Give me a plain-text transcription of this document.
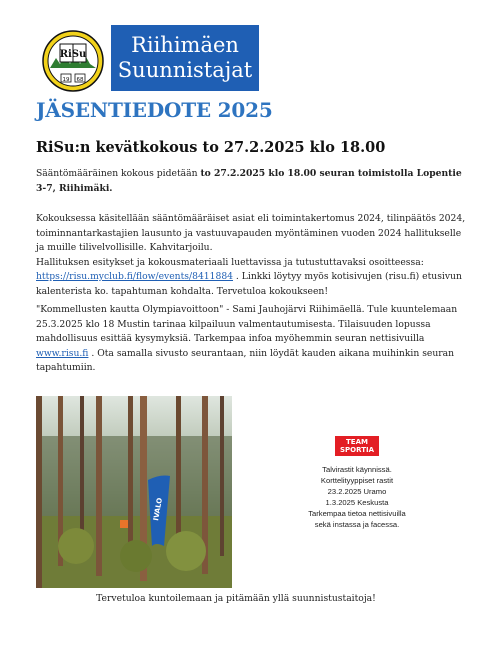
RiSu
19 68
Riihimäen
Suunnistajat
JÄSENTIEDOTE 2025
RiSu:n kevätkokous to 27.2.2025 klo 18.00
Sääntömääräinen kokous pidetään to 27.2.2025 klo 18.00 seuran toimistolla Lopentie 3-7, Riihimäki.
Kokouksessa käsitellään sääntömääräiset asiat eli toimintakertomus 2024, tilinpäätös 2024, toiminnantarkastajien lausunto ja vastuuvapauden myöntäminen vuoden 2024 hallitukselle ja muille tilivelvollisille. Kahvitarjoilu.
Hallituksen esitykset ja kokousmateriaali luettavissa ja tutustuttavaksi osoitteessa: https://risu.myclub.fi/flow/events/8411884 . Linkki löytyy myös kotisivujen (risu.fi) etusivun kalenterista ko. tapahtuman kohdalta. Tervetuloa kokoukseen!
"Kommellusten kautta Olympiavoittoon" - Sami Jauhojärvi Riihimäellä. Tule kuuntelemaan 25.3.2025 klo 18 Mustin tarinaa kilpailuun valmentautumisesta. Tilaisuuden lopussa mahdollisuus esittää kysymyksiä. Tarkempaa infoa myöhemmin seuran nettisivuilla www.risu.fi . Ota samalla sivusto seurantaan, niin löydät kauden aikana muihinkin seuran tapahtumiin.
IVALO
TEAM
SPORTIA
Talvirastit käynnissä.
Korttelityyppiset rastit
23.2.2025 Uramo
1.3.2025 Keskusta
Tarkempaa tietoa nettisivuilla
sekä instassa ja facessa.
Tervetuloa kuntoilemaan ja pitämään yllä suunnistustaitoja!
